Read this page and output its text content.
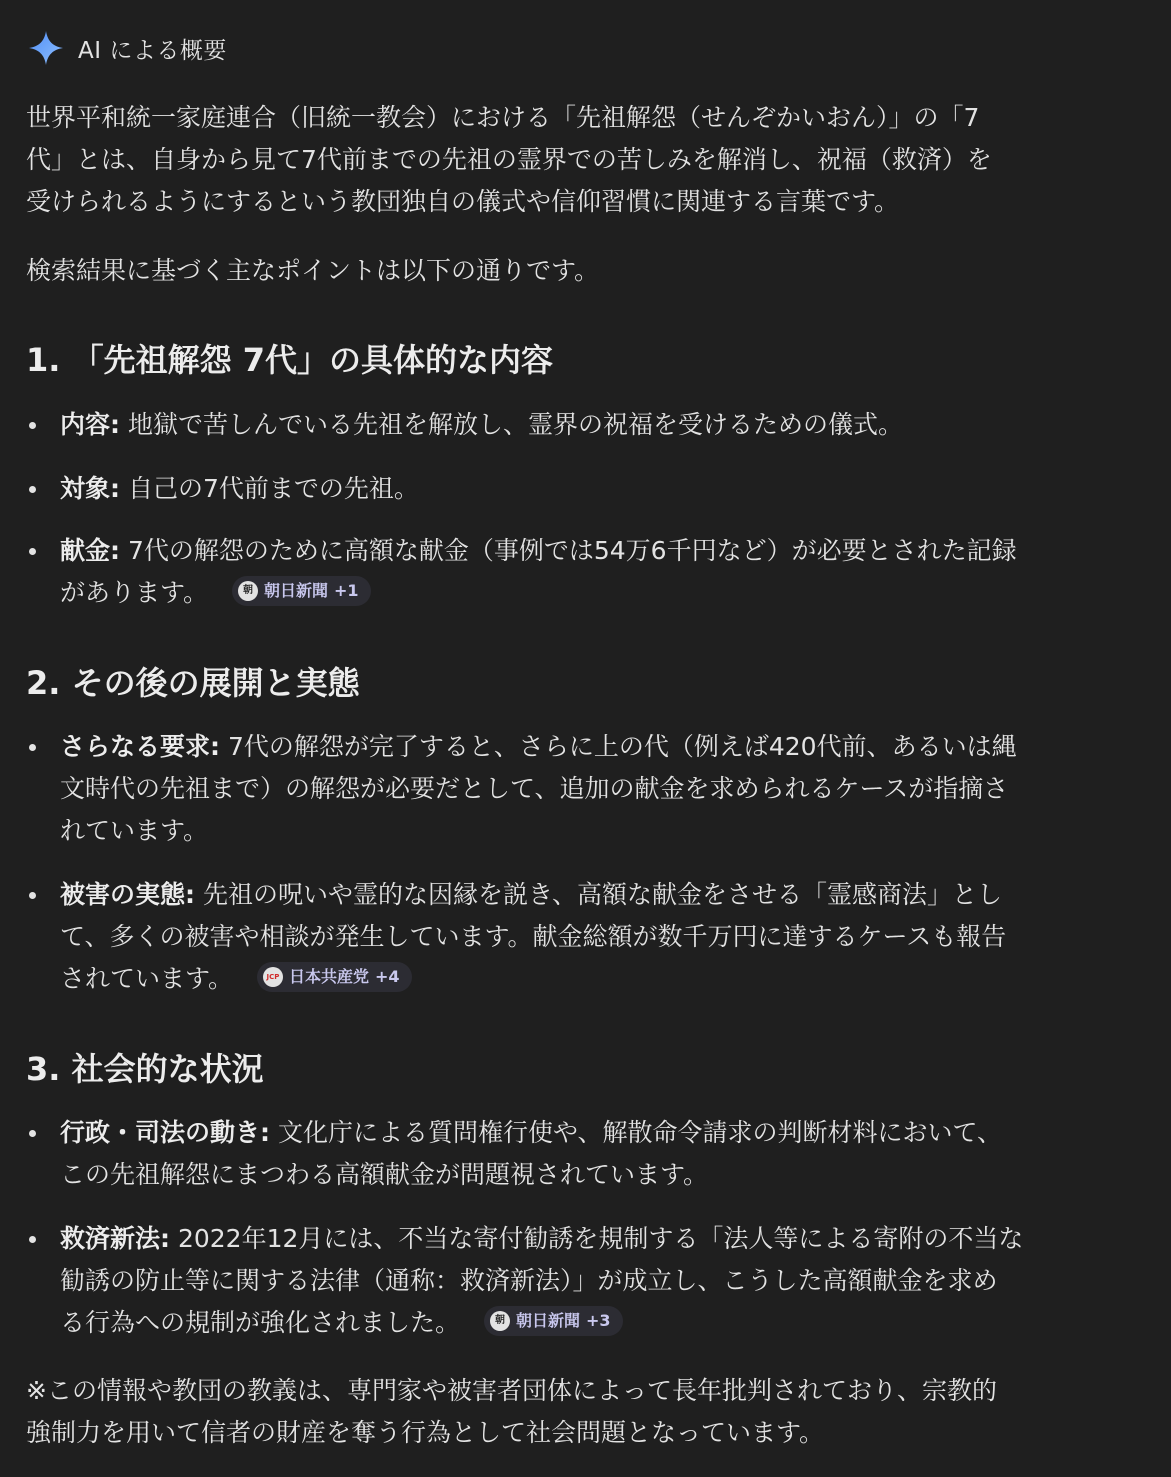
AI による概要

世界平和統一家庭連合（旧統一教会）における「先祖解怨（せんぞかいおん）」の「7
代」とは、自身から見て7代前までの先祖の霊界での苦しみを解消し、祝福（救済）を
受けられるようにするという教団独自の儀式や信仰習慣に関連する言葉です。

検索結果に基づく主なポイントは以下の通りです。

1. 「先祖解怨 7代」の具体的な内容
内容: 地獄で苦しんでいる先祖を解放し、霊界の祝福を受けるための儀式。
対象: 自己の7代前までの先祖。
献金: 7代の解怨のために高額な献金（事例では54万6千円など）が必要とされた記録
があります。	朝 朝日新聞 +1
2. その後の展開と実態
さらなる要求: 7代の解怨が完了すると、さらに上の代（例えば420代前、あるいは縄
文時代の先祖まで）の解怨が必要だとして、追加の献金を求められるケースが指摘さ
れています。
被害の実態: 先祖の呪いや霊的な因縁を説き、高額な献金をさせる「霊感商法」とし
て、多くの被害や相談が発生しています。献金総額が数千万円に達するケースも報告
されています。	JCP 日本共産党 +4
3. 社会的な状況
行政・司法の動き: 文化庁による質問権行使や、解散命令請求の判断材料において、
この先祖解怨にまつわる高額献金が問題視されています。
救済新法: 2022年12月には、不当な寄付勧誘を規制する「法人等による寄附の不当な
勧誘の防止等に関する法律（通称：救済新法）」が成立し、こうした高額献金を求め
る行為への規制が強化されました。	朝 朝日新聞 +3

※この情報や教団の教義は、専門家や被害者団体によって長年批判されており、宗教的
強制力を用いて信者の財産を奪う行為として社会問題となっています。
